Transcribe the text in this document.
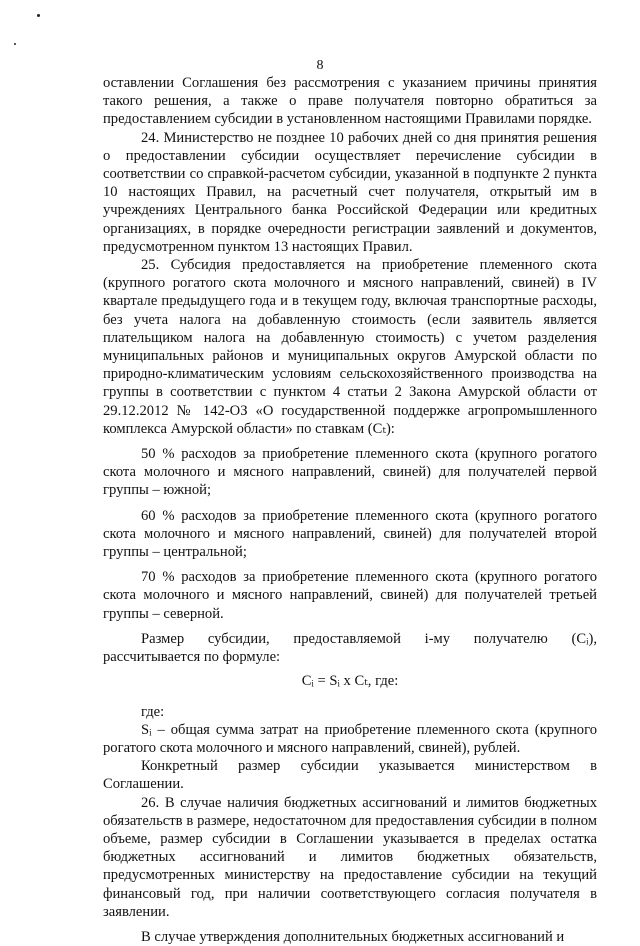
8

оставлении Соглашения без рассмотрения с указанием причины принятия такого решения, а также о праве получателя повторно обратиться за предоставлением субсидии в установленном настоящими Правилами порядке.

24. Министерство не позднее 10 рабочих дней со дня принятия решения о предоставлении субсидии осуществляет перечисление субсидии в соответствии со справкой-расчетом субсидии, указанной в подпункте 2 пункта 10 настоящих Правил, на расчетный счет получателя, открытый им в учреждениях Центрального банка Российской Федерации или кредитных организациях, в порядке очередности регистрации заявлений и документов, предусмотренном пунктом 13 настоящих Правил.

25. Субсидия предоставляется на приобретение племенного скота (крупного рогатого скота молочного и мясного направлений, свиней) в IV квартале предыдущего года и в текущем году, включая транспортные расходы, без учета налога на добавленную стоимость (если заявитель является плательщиком налога на добавленную стоимость) с учетом разделения муниципальных районов и муниципальных округов Амурской области по природно-климатическим условиям сельскохозяйственного производства на группы в соответствии с пунктом 4 статьи 2 Закона Амурской области от 29.12.2012 № 142-ОЗ «О государственной поддержке агропромышленного комплекса Амурской области» по ставкам (Cₜ):

50 % расходов за приобретение племенного скота (крупного рогатого скота молочного и мясного направлений, свиней) для получателей первой группы – южной;

60 % расходов за приобретение племенного скота (крупного рогатого скота молочного и мясного направлений, свиней) для получателей второй группы – центральной;

70 % расходов за приобретение племенного скота (крупного рогатого скота молочного и мясного направлений, свиней) для получателей третьей группы – северной.

Размер субсидии, предоставляемой i-му получателю (Cᵢ), рассчитывается по формуле:

Cᵢ = Sᵢ x Cₜ, где:

где:

Sᵢ – общая сумма затрат на приобретение племенного скота (крупного рогатого скота молочного и мясного направлений, свиней), рублей.

Конкретный размер субсидии указывается министерством в Соглашении.

26. В случае наличия бюджетных ассигнований и лимитов бюджетных обязательств в размере, недостаточном для предоставления субсидии в полном объеме, размер субсидии в Соглашении указывается в пределах остатка бюджетных ассигнований и лимитов бюджетных обязательств, предусмотренных министерству на предоставление субсидии на текущий финансовый год, при наличии соответствующего согласия получателя в заявлении.

В случае утверждения дополнительных бюджетных ассигнований и
